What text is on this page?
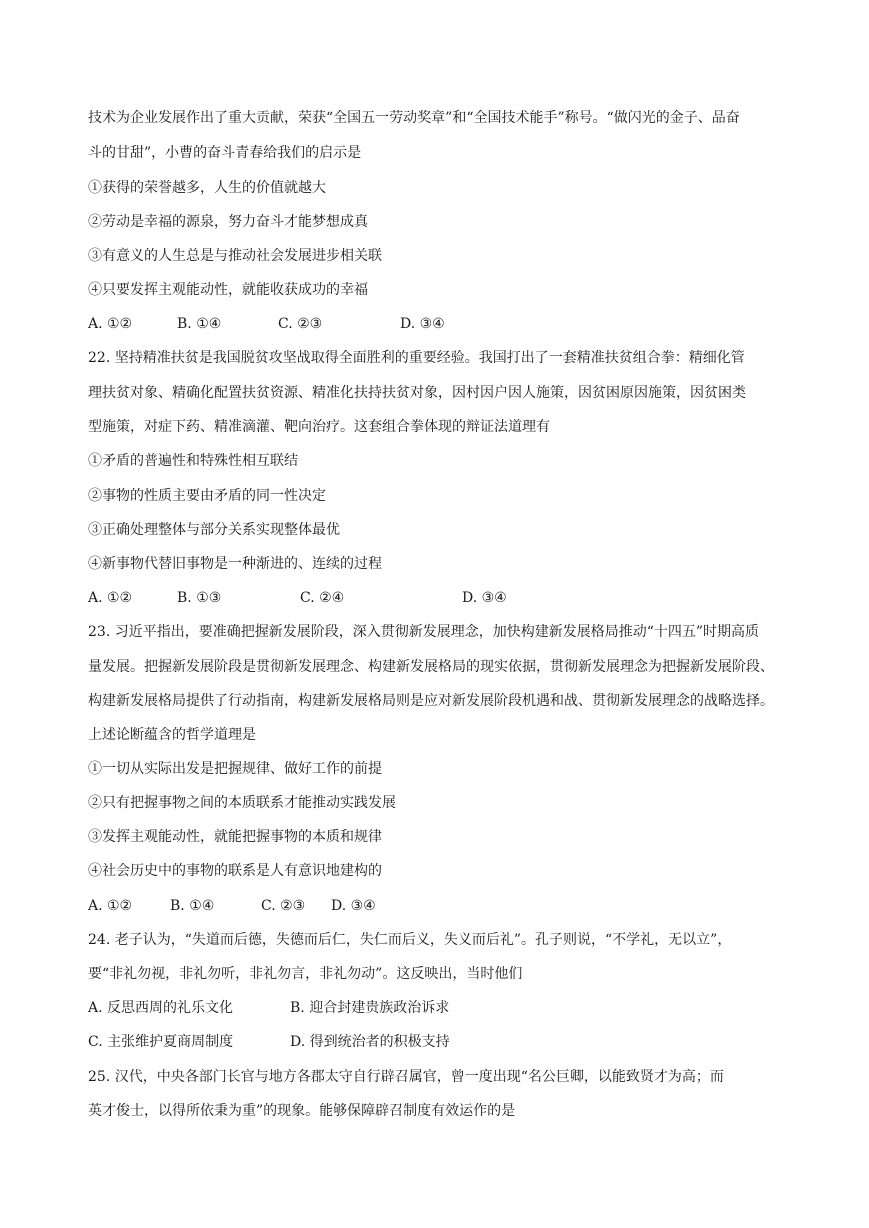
技术为企业发展作出了重大贡献，荣获“全国五一劳动奖章”和“全国技术能手”称号。“做闪光的金子、品奋
斗的甘甜”，小曹的奋斗青春给我们的启示是
①获得的荣誉越多，人生的价值就越大
②劳动是幸福的源泉，努力奋斗才能梦想成真
③有意义的人生总是与推动社会发展进步相关联
④只要发挥主观能动性，就能收获成功的幸福
A. ①②	B. ①④	C. ②③	D. ③④
22. 坚持精准扶贫是我国脱贫攻坚战取得全面胜利的重要经验。我国打出了一套精准扶贫组合拳：精细化管
理扶贫对象、精确化配置扶贫资源、精准化扶持扶贫对象，因村因户因人施策，因贫困原因施策，因贫困类
型施策，对症下药、精准滴灌、靶向治疗。这套组合拳体现的辩证法道理有
①矛盾的普遍性和特殊性相互联结
②事物的性质主要由矛盾的同一性决定
③正确处理整体与部分关系实现整体最优
④新事物代替旧事物是一种渐进的、连续的过程
A. ①②	B. ①③	C. ②④	D. ③④
23. 习近平指出，要准确把握新发展阶段，深入贯彻新发展理念，加快构建新发展格局推动“十四五”时期高质
量发展。把握新发展阶段是贯彻新发展理念、构建新发展格局的现实依据，贯彻新发展理念为把握新发展阶段、
构建新发展格局提供了行动指南，构建新发展格局则是应对新发展阶段机遇和战、贯彻新发展理念的战略选择。
上述论断蕴含的哲学道理是
①一切从实际出发是把握规律、做好工作的前提
②只有把握事物之间的本质联系才能推动实践发展
③发挥主观能动性，就能把握事物的本质和规律
④社会历史中的事物的联系是人有意识地建构的
A. ①②	B. ①④	C. ②③ D. ③④
24. 老子认为，“失道而后德，失德而后仁，失仁而后义，失义而后礼”。孔子则说，“不学礼，无以立”，
要“非礼勿视，非礼勿听，非礼勿言，非礼勿动”。这反映出，当时他们
A. 反思西周的礼乐文化	B. 迎合封建贵族政治诉求
C. 主张维护夏商周制度	D. 得到统治者的积极支持
25. 汉代，中央各部门长官与地方各郡太守自行辟召属官，曾一度出现“名公巨卿，以能致贤才为高；而
英才俊士，以得所依秉为重”的现象。能够保障辟召制度有效运作的是
